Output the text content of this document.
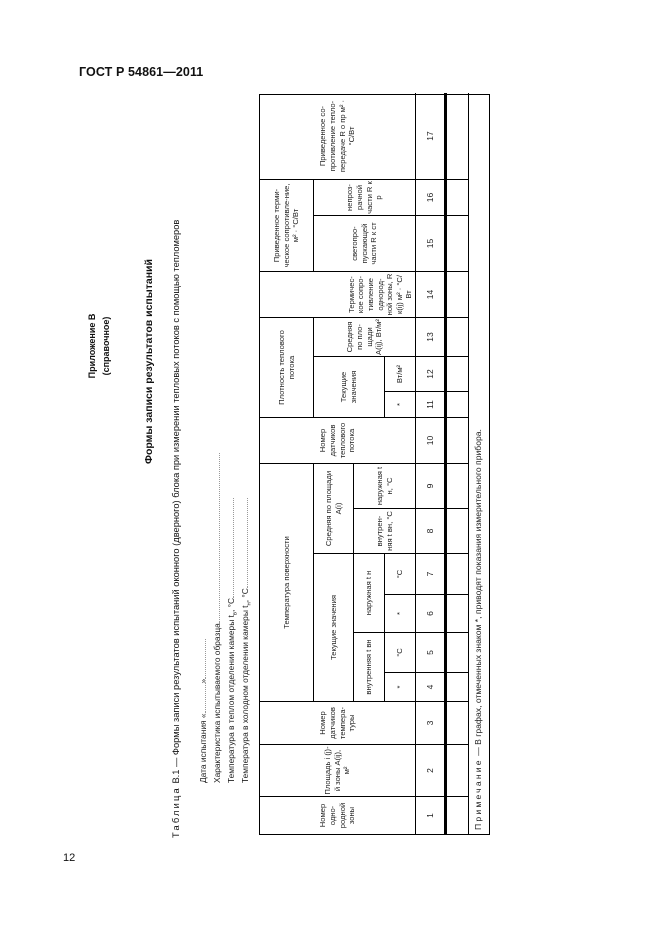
ГОСТ Р 54861—2011
12
Приложение В (справочное)	Формы записи результатов испытаний
Таблица В.1 — Формы записи результатов испытаний оконного (дверного) блока при измерении тепловых потоков с помощью тепломеров Дата испытания «» Характеристика испытываемого образца Температура в теплом отделении камеры $t_в$, °С
Температура в холодном отделении камеры $t_н$, °С
Номер одно-родной зоны
Площадь i (j)-й зоны A(ij), м²
Номер датчиков темпера-туры
Температура поверхности	Текущие значения
внутренняя t вн
наружная t н
*
°С
*
°С
Средняя по площади A(i)
внутрен-няя t вн, °С
наружная t н, °С
Номер датчиков теплового потока
Плотность теплового потока
Текущие значения
*
Вт/м²
Средняя по пло-щади A(ij), Вт/м²
Термичес-кое сопро-тивление однород-ной зоны, R к(ij) м² · °С/Вт
Приведенное терми-ческое сопротивле-ние, м² · °С/Вт
светопро-пускающей части R к ст
непроз-рачной части R к р
Приведенное со-противление тепло-передаче R о пр м² · °С/Вт
1
2
3
4
5
6
7
8
9
10
11
12
13
14
15
16
17
Примечание

— В графах, отмеченных знаком *, приводят показания измерительного прибора.
